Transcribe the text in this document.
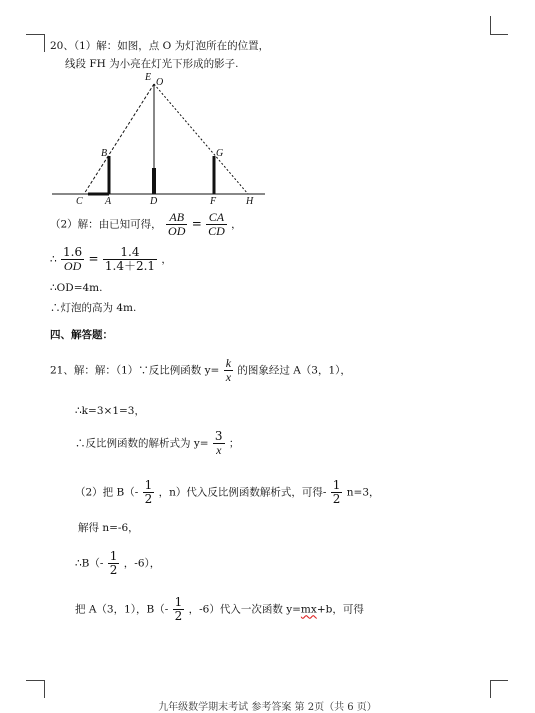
20、（1）解：如图，点 O 为灯泡所在的位置，
线段 FH 为小亮在灯光下形成的影子.
E O
B	G
C A	D	F	H
（2）解：由已知可得， $\frac{AB}{OD} = \frac{CA}{CD}$ ，
∴ $\frac{1.6}{OD} = \frac{1.4}{1.4+2.1}$ ，
∴OD=4m.
∴灯泡的高为 4m.
四、解答题：
21、解：解：（1）∵反比例函数 $y= \frac{k}{x}$ 的图象经过 A（3，1），
∴k=3×1=3，
∴反比例函数的解析式为 $y= \frac{3}{x}$ ；
（2）把 $B(- \frac{1}{2}$ ，n）代入反比例函数解析式，可得- $\frac{1}{2} n=3$，
解得 n=-6，
∴B（- $\frac{1}{2}$ ，-6），
把 A（3，1），$B(- \frac{1}{2}$ ，-6）代入一次函数 y=mx+b，可得
九年级数学期末考试 参考答案 第 2页（共 6 页）
